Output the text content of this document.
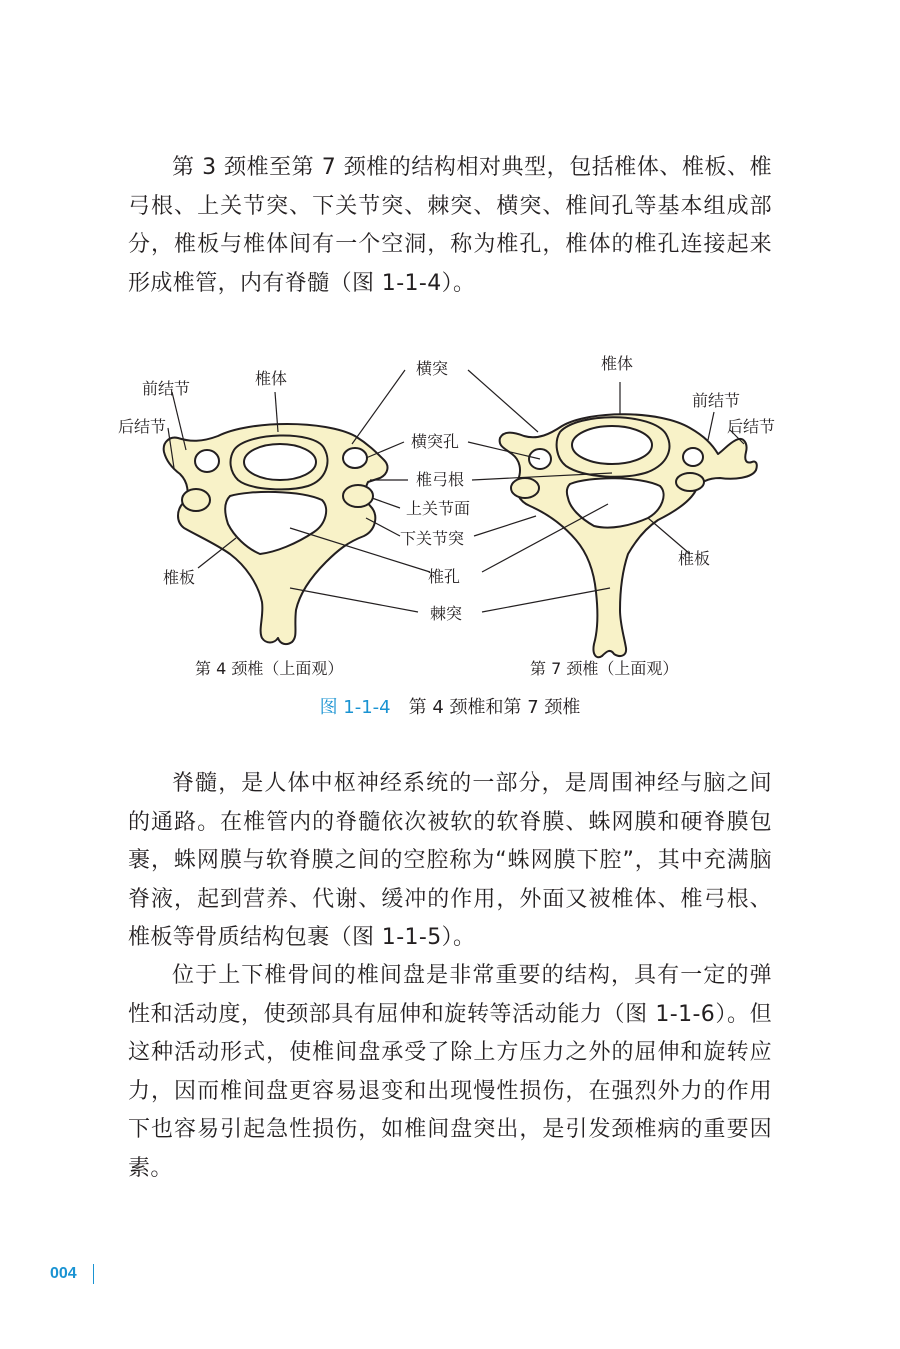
第 3 颈椎至第 7 颈椎的结构相对典型，包括椎体、椎板、椎弓根、上关节突、下关节突、棘突、横突、椎间孔等基本组成部分，椎板与椎体间有一个空洞，称为椎孔，椎体的椎孔连接起来形成椎管，内有脊髓（图 1-1-4）。

前结节
后结节
椎体
横突
横突孔
椎弓根
上关节面
下关节突
椎孔
棘突
椎板
椎体
前结节
后结节
椎板
第 4 颈椎（上面观）	第 7 颈椎（上面观）
图 1-1-4 第 4 颈椎和第 7 颈椎

脊髓，是人体中枢神经系统的一部分，是周围神经与脑之间的通路。在椎管内的脊髓依次被软的软脊膜、蛛网膜和硬脊膜包裹，蛛网膜与软脊膜之间的空腔称为“蛛网膜下腔”，其中充满脑脊液，起到营养、代谢、缓冲的作用，外面又被椎体、椎弓根、椎板等骨质结构包裹（图 1-1-5）。

位于上下椎骨间的椎间盘是非常重要的结构，具有一定的弹性和活动度，使颈部具有屈伸和旋转等活动能力（图 1-1-6）。但这种活动形式，使椎间盘承受了除上方压力之外的屈伸和旋转应力，因而椎间盘更容易退变和出现慢性损伤，在强烈外力的作用下也容易引起急性损伤，如椎间盘突出，是引发颈椎病的重要因素。

004
